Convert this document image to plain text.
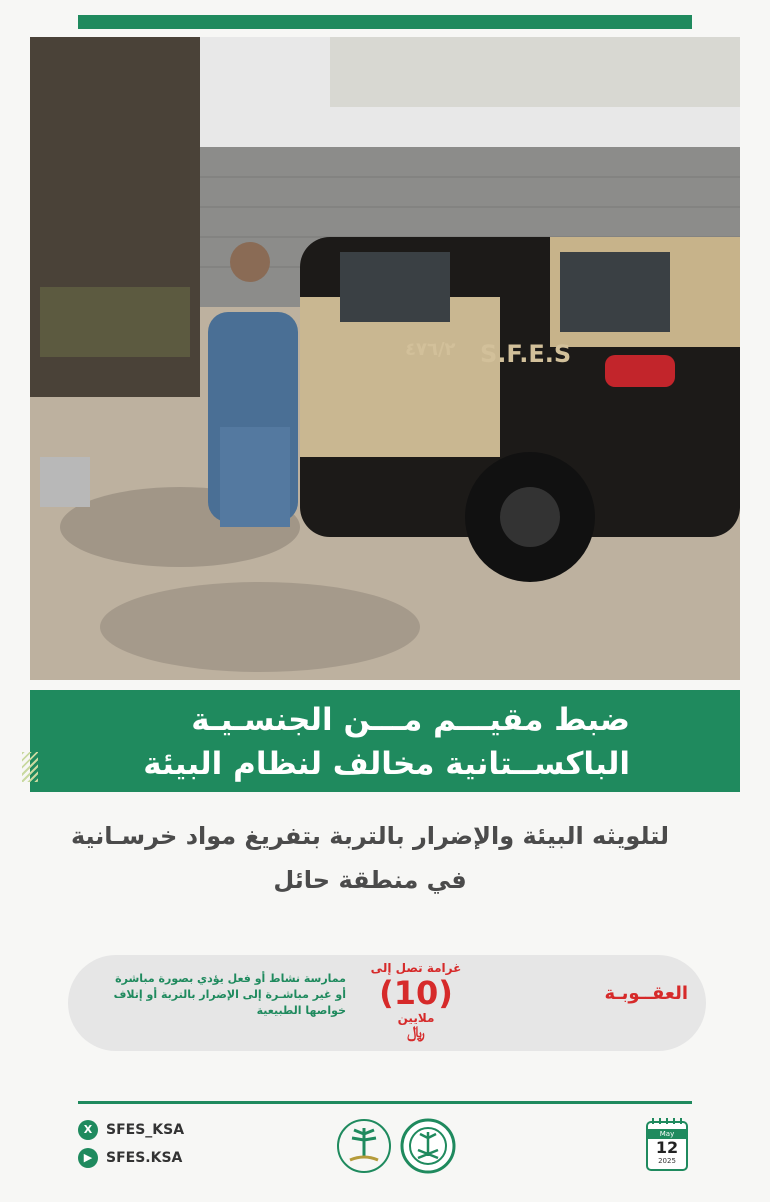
S.F.E.S
٤٧٦/٢
ضبط مقيـــم مـــن الجنسـيـة
الباكســتانية مخالف لنظام البيئة
لتلويثه البيئة والإضرار بالتربة بتفريغ مواد خرسـانية
في منطقة حائل
العقــوبـة
غرامة تصل إلى
(10)
ملايين
﷼
ممارسة نشاط أو فعل يؤدي بصورة مباشرة
أو غير مباشـرة إلى الإضرار بالتربة أو إتلاف
خواصها الطبيعية
X SFES_KSA
▶ SFES.KSA
May
12
2025
